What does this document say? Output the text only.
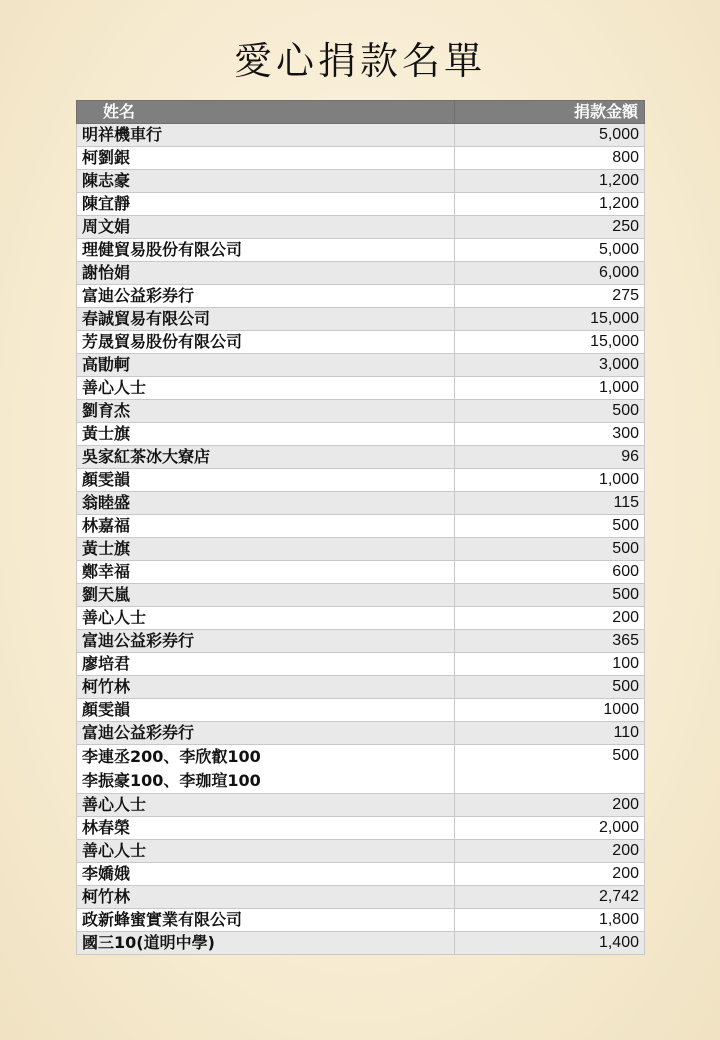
愛心捐款名單
姓名	捐款金額
明祥機車行	5,000
柯劉銀	800
陳志豪	1,200
陳宜靜	1,200
周文娟	250
理健貿易股份有限公司	5,000
謝怡娟	6,000
富迪公益彩券行	275
春誠貿易有限公司	15,000
芳晟貿易股份有限公司	15,000
高勖軻	3,000
善心人士	1,000
劉育杰	500
黃士旗	300
吳家紅茶冰大寮店	96
顏雯韻	1,000
翁睦盛	115
林嘉福	500
黃士旗	500
鄭幸福	600
劉天嵐	500
善心人士	200
富迪公益彩券行	365
廖培君	100
柯竹林	500
顏雯韻	1000
富迪公益彩券行	110
李連丞200、李欣叡100
李振豪100、李珈瑄100	500
善心人士	200
林春榮	2,000
善心人士	200
李嬌娥	200
柯竹林	2,742
政新蜂蜜實業有限公司	1,800
國三10(道明中學)	1,400
